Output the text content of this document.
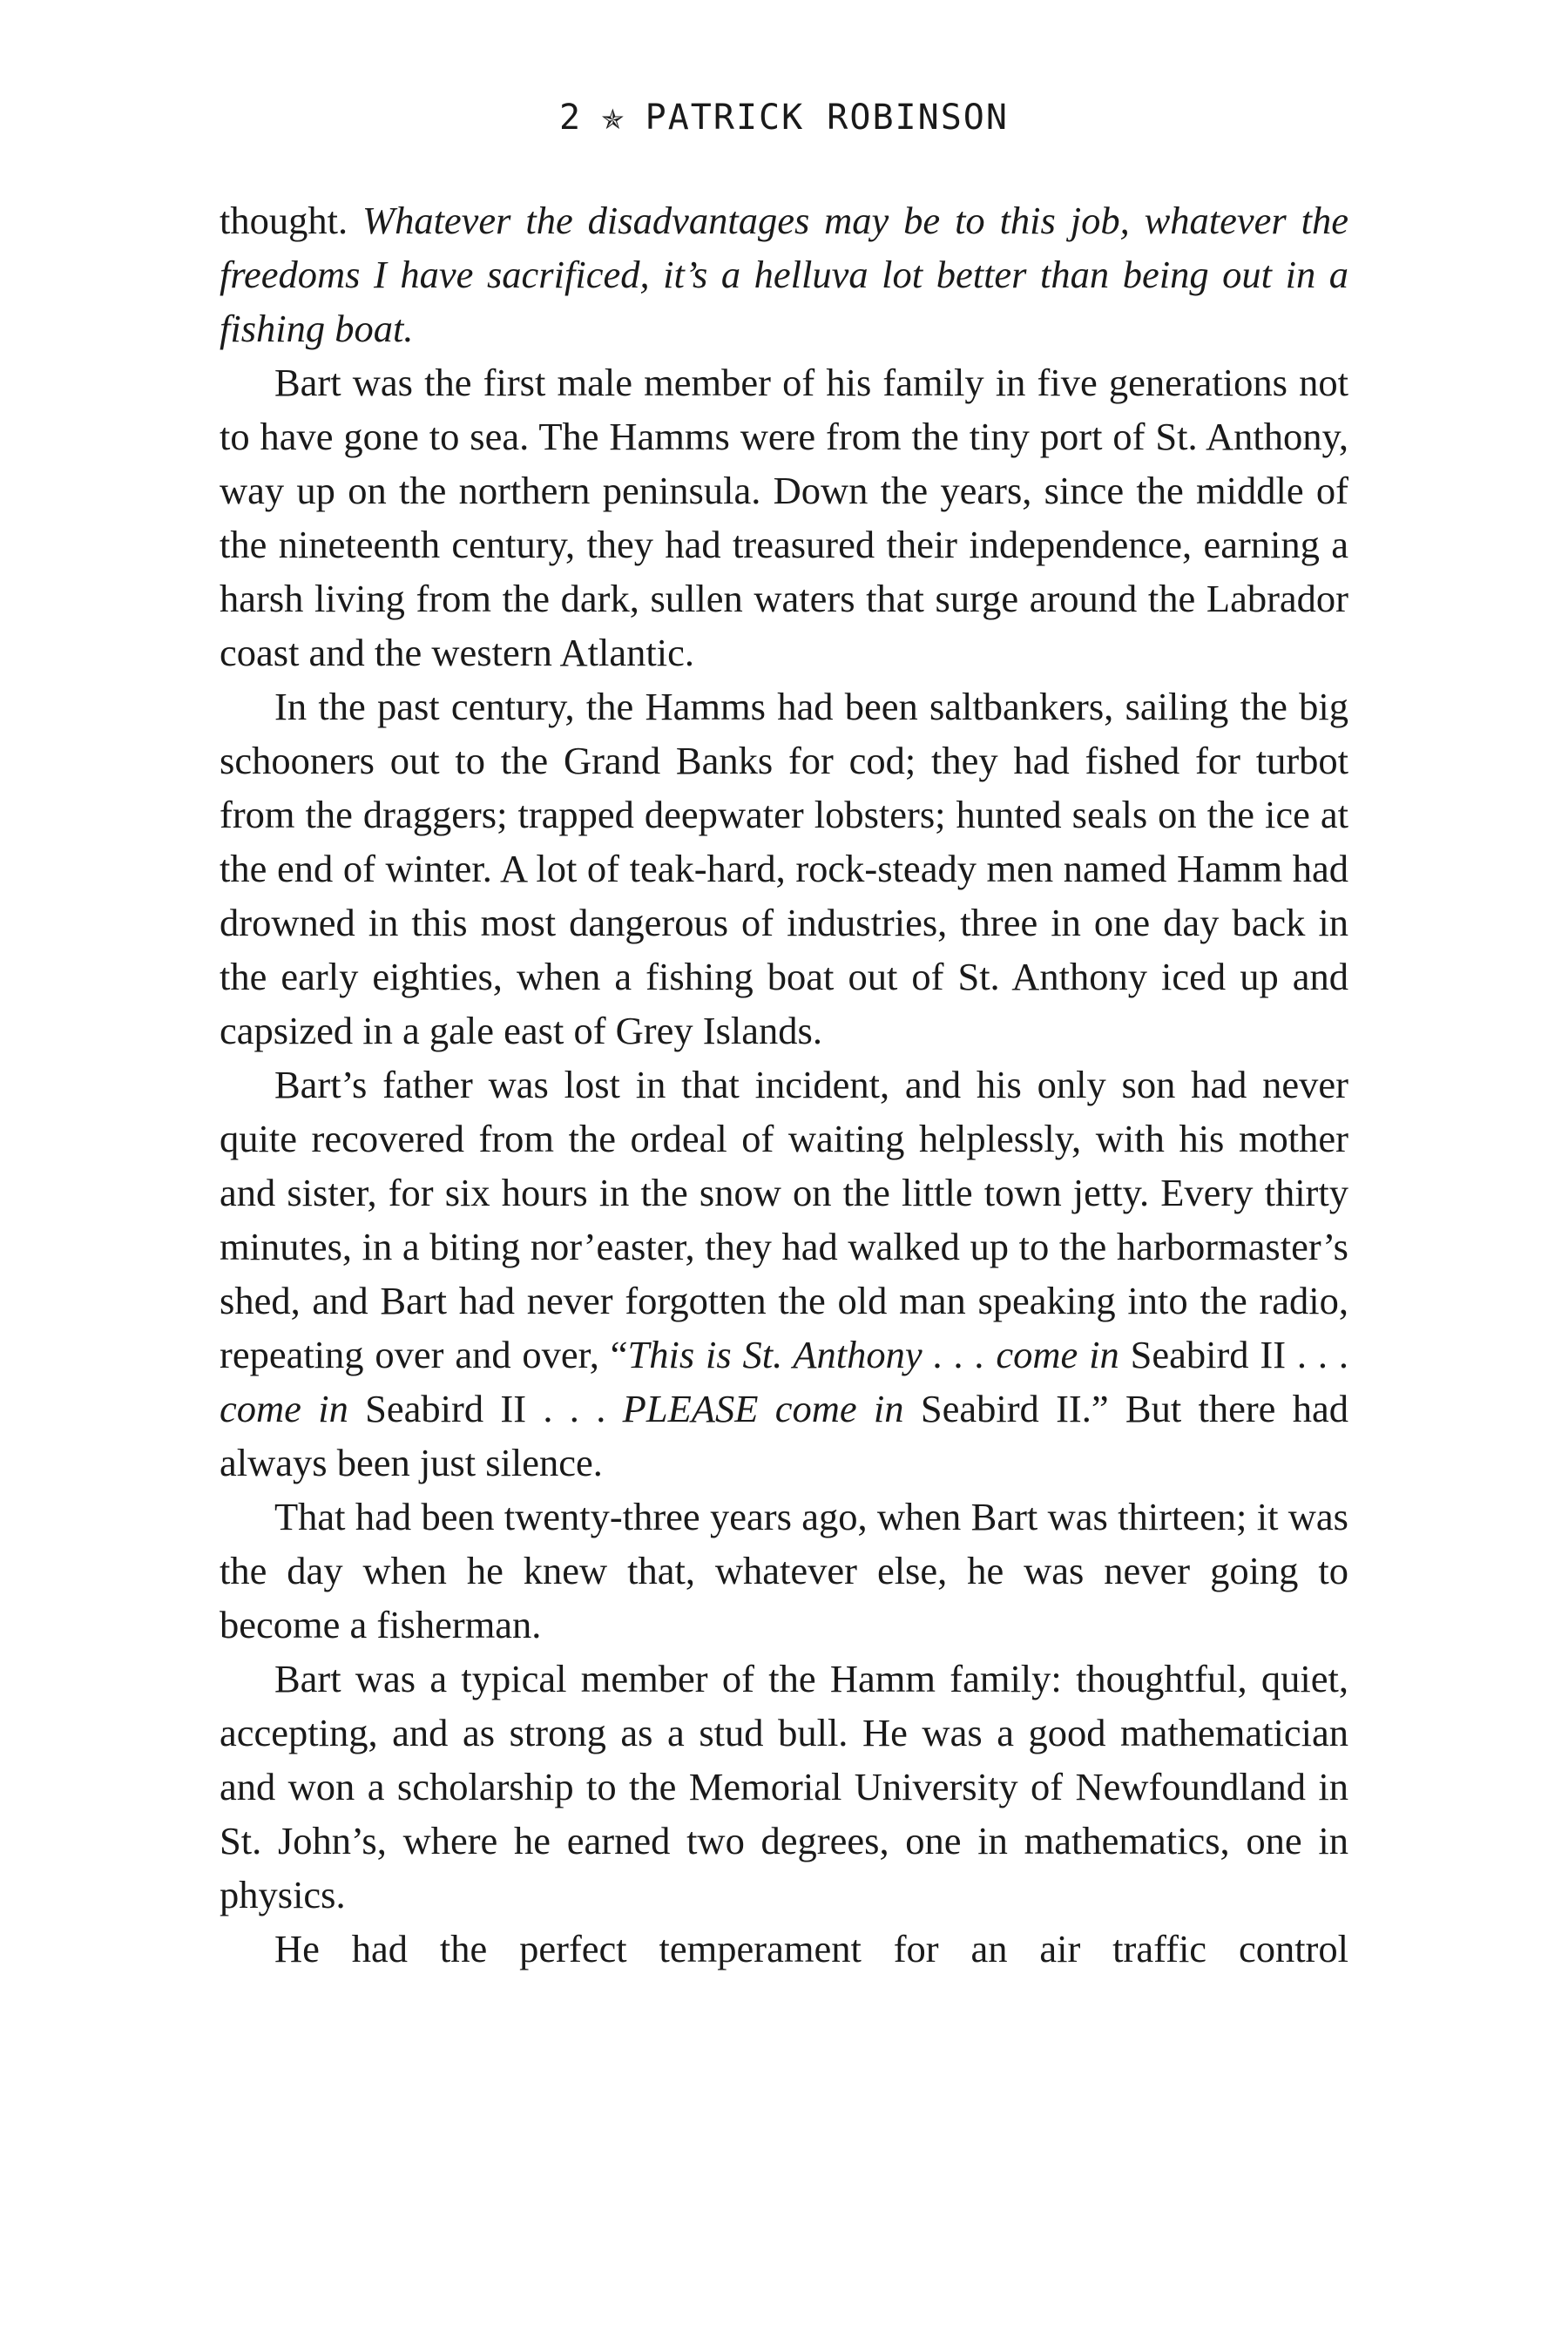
2 ✯ PATRICK ROBINSON

thought. Whatever the disadvantages may be to this job, whatever the freedoms I have sacrificed, it’s a helluva lot better than being out in a fishing boat.

Bart was the first male member of his family in five generations not to have gone to sea. The Hamms were from the tiny port of St. Anthony, way up on the northern peninsula. Down the years, since the middle of the nineteenth century, they had treasured their independence, earning a harsh living from the dark, sullen waters that surge around the Labrador coast and the western Atlantic.

In the past century, the Hamms had been saltbankers, sailing the big schooners out to the Grand Banks for cod; they had fished for turbot from the draggers; trapped deepwater lobsters; hunted seals on the ice at the end of winter. A lot of teak-hard, rock-steady men named Hamm had drowned in this most dangerous of industries, three in one day back in the early eighties, when a fishing boat out of St. Anthony iced up and capsized in a gale east of Grey Islands.

Bart’s father was lost in that incident, and his only son had never quite recovered from the ordeal of waiting helplessly, with his mother and sister, for six hours in the snow on the little town jetty. Every thirty minutes, in a biting nor’easter, they had walked up to the harbormaster’s shed, and Bart had never forgotten the old man speaking into the radio, repeating over and over, “This is St. Anthony . . . come in Seabird II . . . come in Seabird II . . . PLEASE come in Seabird II.” But there had always been just silence.

That had been twenty-three years ago, when Bart was thirteen; it was the day when he knew that, whatever else, he was never going to become a fisherman.

Bart was a typical member of the Hamm family: thoughtful, quiet, accepting, and as strong as a stud bull. He was a good mathematician and won a scholarship to the Memorial University of Newfoundland in St. John’s, where he earned two degrees, one in mathematics, one in physics.

He had the perfect temperament for an air traffic control
